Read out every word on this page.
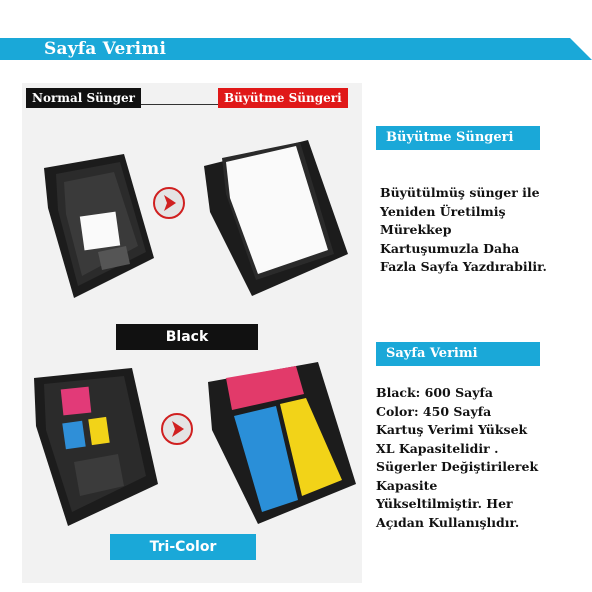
Sayfa Verimi
Normal Sünger	Büyütme Süngeri
Black
Tri-Color
Büyütme Süngeri
Büyütülmüş sünger ile
Yeniden Üretilmiş
Mürekkep
Kartuşumuzla Daha
Fazla Sayfa Yazdırabilir.
Sayfa Verimi
Black: 600 Sayfa
Color: 450 Sayfa
Kartuş Verimi Yüksek
XL Kapasitelidir .
Sügerler Değiştirilerek
Kapasite
Yükseltilmiştir. Her
Açıdan Kullanışlıdır.
